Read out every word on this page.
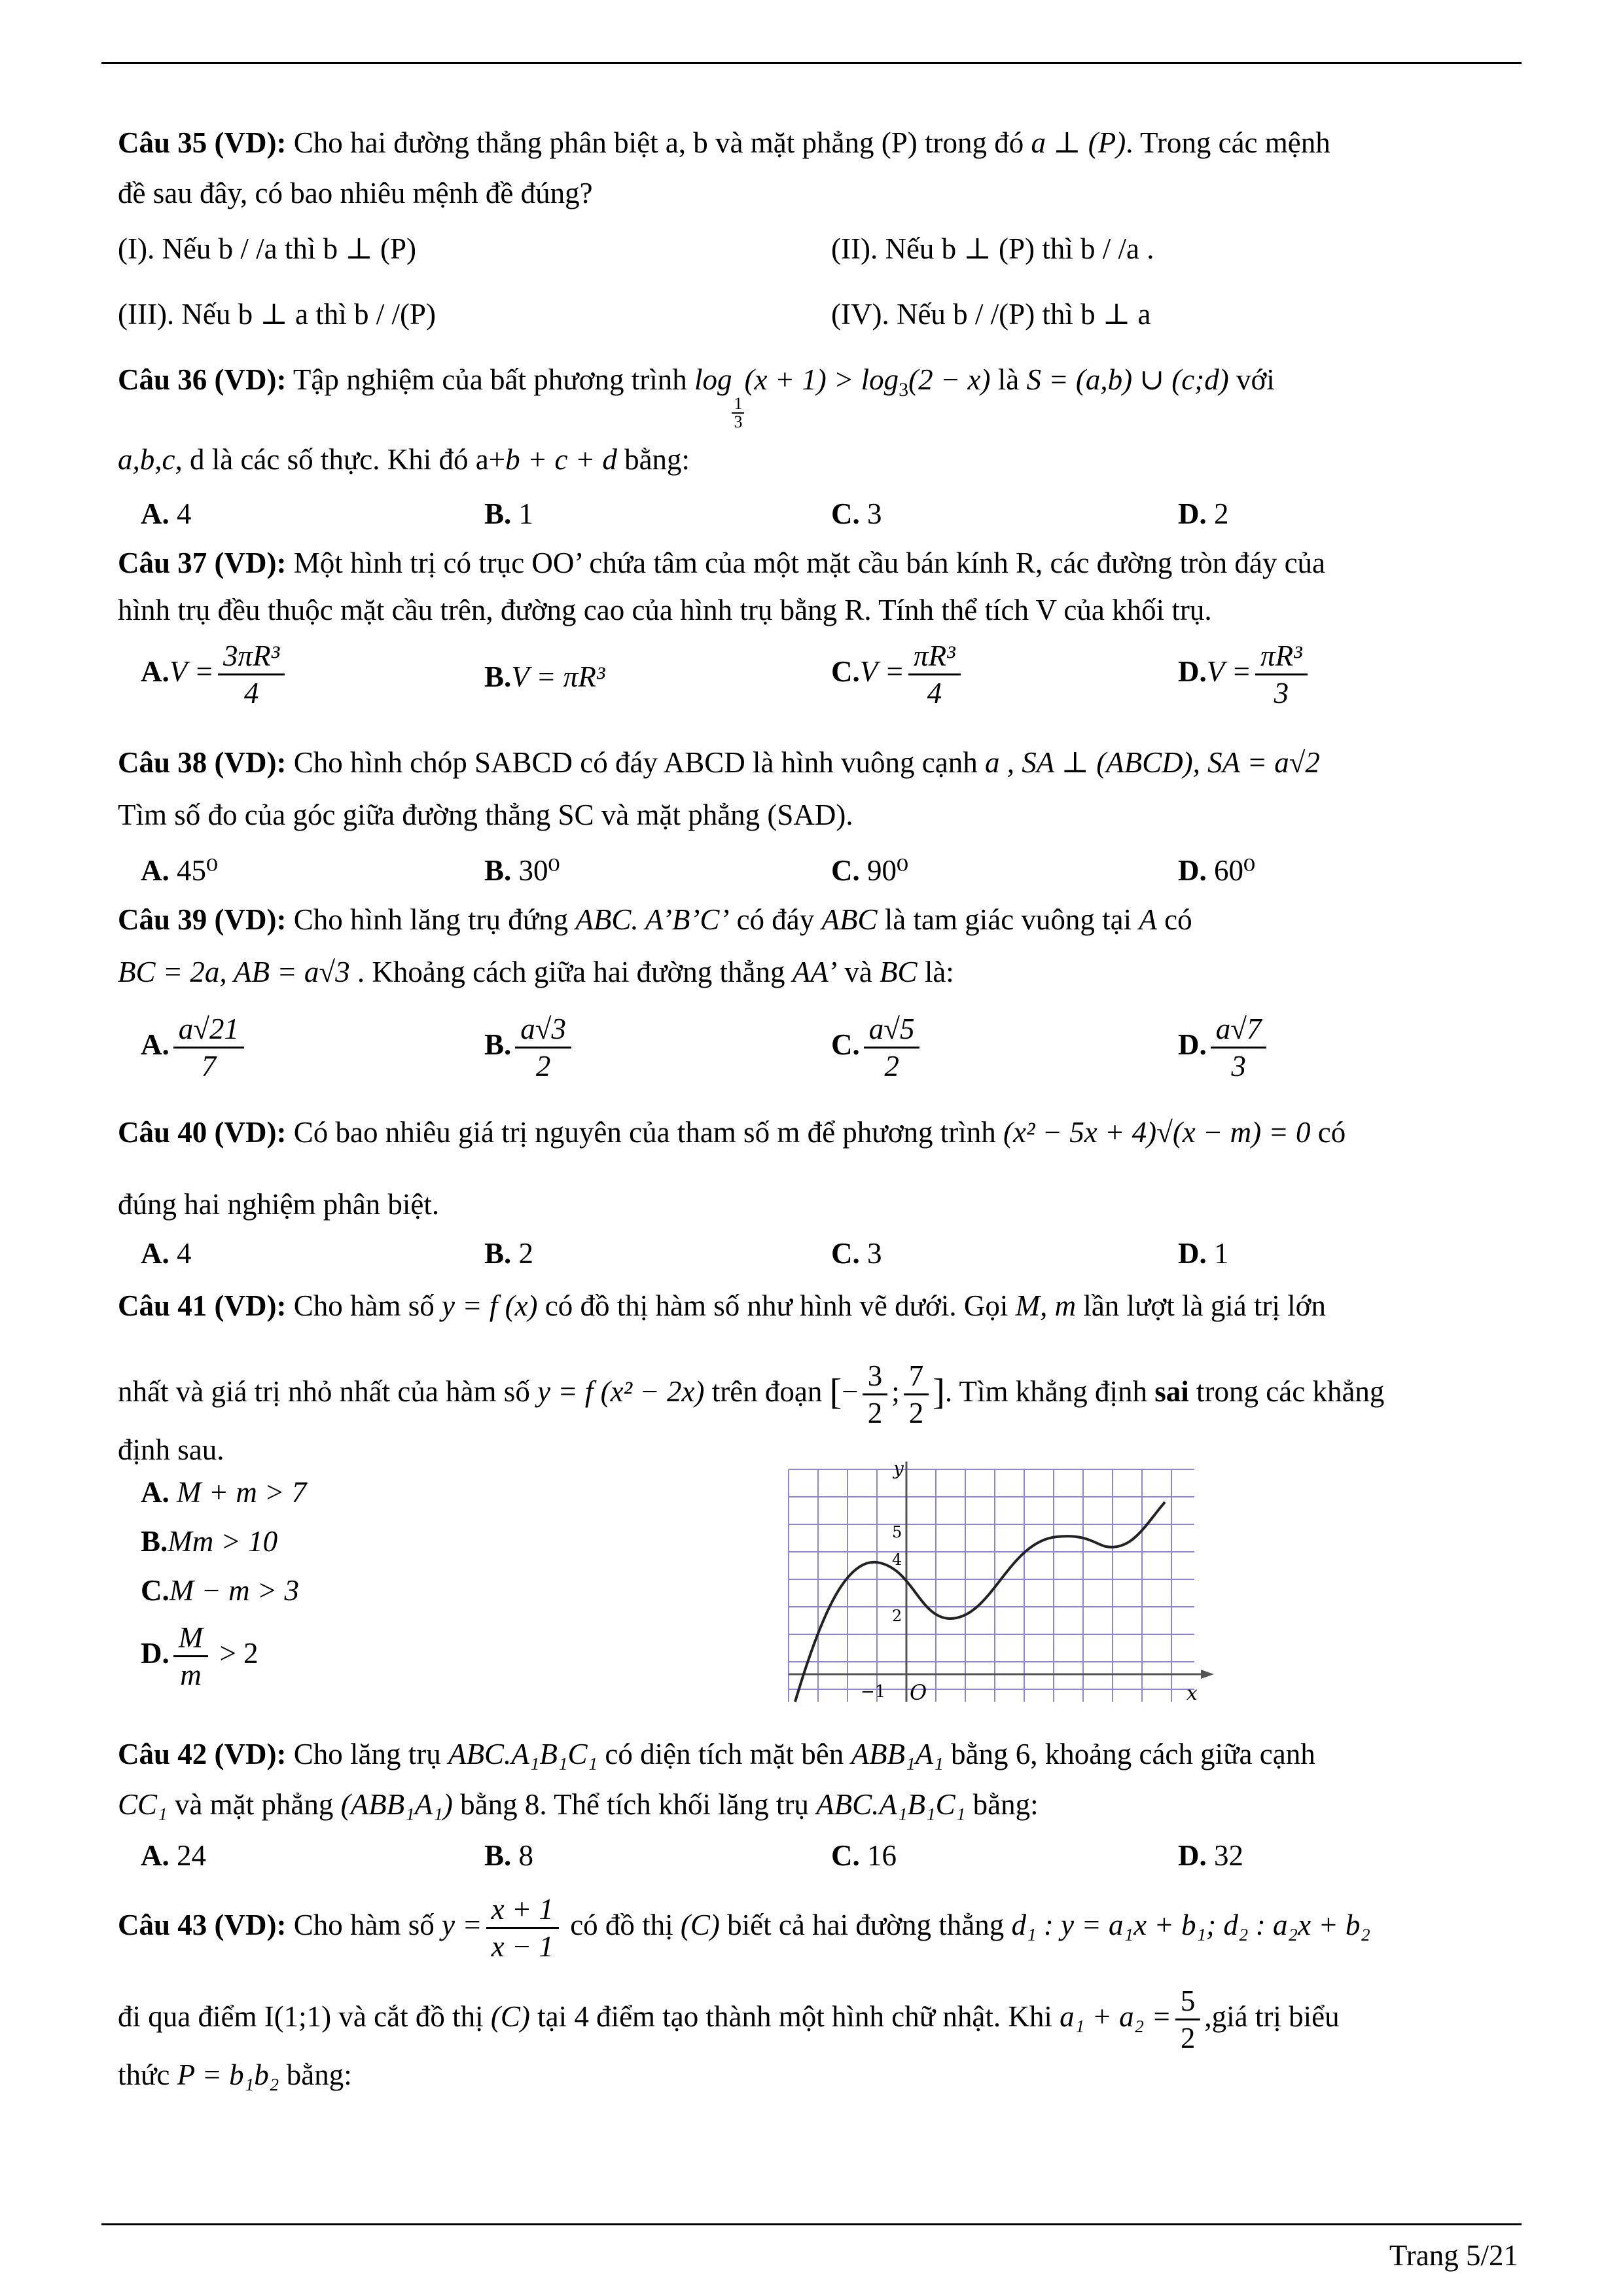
Câu 35 (VD): Cho hai đường thẳng phân biệt a, b và mặt phẳng (P) trong đó a ⊥ (P). Trong các mệnh
đề sau đây, có bao nhiêu mệnh đề đúng?
(I). Nếu b / /a thì b ⊥ (P)	(II). Nếu b ⊥ (P) thì b / /a .
(III). Nếu b ⊥ a thì b / /(P)	(IV). Nếu b / /(P) thì b ⊥ a
Câu 36 (VD): Tập nghiệm của bất phương trình log
$\frac{1}{3}$
$(x + 1) > \log_3(2 - x)$ là S = (a,b) ∪ (c;d) với
a,b,c, d là các số thực. Khi đó a+b + c + d bằng:
A. 4	B. 1	C. 3	D. 2
Câu 37 (VD): Một hình trị có trục OO’ chứa tâm của một mặt cầu bán kính R, các đường tròn đáy của
hình trụ đều thuộc mặt cầu trên, đường cao của hình trụ bằng R. Tính thể tích V của khối trụ.
$A.V = \frac{\text{3πR³}}{4}$	B.V = πR³	$C.V = \frac{\text{πR³}}{4}$	$D.V = \frac{\text{πR³}}{3}$
Câu 38 (VD): Cho hình chóp SABCD có đáy ABCD là hình vuông cạnh a , SA ⊥ (ABCD), SA = a√2
Tìm số đo của góc giữa đường thẳng SC và mặt phẳng (SAD).
A. 45⁰	B. 30⁰	C. 90⁰	D. 60⁰
Câu 39 (VD): Cho hình lăng trụ đứng ABC. A’B’C’ có đáy ABC là tam giác vuông tại A có
BC = 2a, AB = a√3 . Khoảng cách giữa hai đường thẳng AA’ và BC là:
A. $\frac{a√21}{7}$	B. $\frac{a√3}{2}$	C. $\frac{a√5}{2}$	D. $\frac{a√7}{3}$
Câu 40 (VD): Có bao nhiêu giá trị nguyên của tham số m để phương trình (x² − 5x + 4)√(x − m) = 0 có
đúng hai nghiệm phân biệt.
A. 4	B. 2	C. 3	D. 1
Câu 41 (VD): Cho hàm số y = f (x) có đồ thị hàm số như hình vẽ dưới. Gọi M, m lần lượt là giá trị lớn
nhất và giá trị nhỏ nhất của hàm số y = f (x² − 2x) trên đoạn [− $\frac{3}{2}$ ; $\frac{7}{2}$ ]. Tìm khẳng định sai trong các khẳng
định sau.
A. M + m > 7
B.Mm > 10
C.M − m > 3
D. $\frac{M}{m} > 2$
y
x
O
−1
2
4
5
Câu 42 (VD): Cho lăng trụ ABC.A₁B₁C₁ có diện tích mặt bên ABB₁A₁ bằng 6, khoảng cách giữa cạnh
CC₁ và mặt phẳng (ABB₁A₁) bằng 8. Thể tích khối lăng trụ ABC.A₁B₁C₁ bằng:
A. 24	B. 8	C. 16	D. 32
Câu 43 (VD): Cho hàm số $y = \frac{x + 1}{x - 1}$ có đồ thị (C) biết cả hai đường thẳng d₁ : y = a₁x + b₁; d₂ : a₂x + b₂
đi qua điểm I(1;1) và cắt đồ thị (C) tại 4 điểm tạo thành một hình chữ nhật. Khi $a_1 + a_2 = \frac{5}{2}$ ,giá trị biểu
thức P = b₁b₂ bằng:
Trang 5/21
